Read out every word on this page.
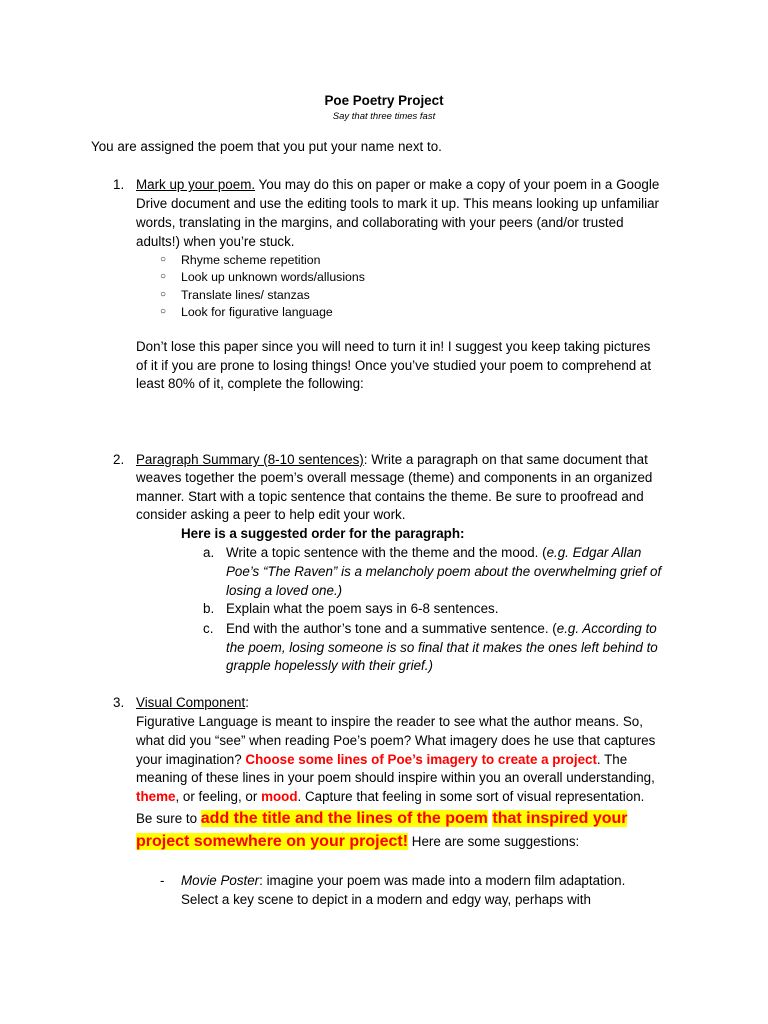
Poe Poetry Project
Say that three times fast
You are assigned the poem that you put your name next to.
1. Mark up your poem. You may do this on paper or make a copy of your poem in a Google
Drive document and use the editing tools to mark it up. This means looking up unfamiliar
words, translating in the margins, and collaborating with your peers (and/or trusted
adults!) when you’re stuck.
○ Rhyme scheme repetition
○ Look up unknown words/allusions
○ Translate lines/ stanzas
○ Look for figurative language
Don’t lose this paper since you will need to turn it in! I suggest you keep taking pictures
of it if you are prone to losing things! Once you’ve studied your poem to comprehend at
least 80% of it, complete the following:
2. Paragraph Summary (8-10 sentences): Write a paragraph on that same document that
weaves together the poem’s overall message (theme) and components in an organized
manner. Start with a topic sentence that contains the theme. Be sure to proofread and
consider asking a peer to help edit your work.
Here is a suggested order for the paragraph:
a. Write a topic sentence with the theme and the mood. (e.g. Edgar Allan
Poe’s “The Raven” is a melancholy poem about the overwhelming grief of
losing a loved one.)
b. Explain what the poem says in 6-8 sentences.
c. End with the author’s tone and a summative sentence. (e.g. According to
the poem, losing someone is so final that it makes the ones left behind to
grapple hopelessly with their grief.)
3. Visual Component:
Figurative Language is meant to inspire the reader to see what the author means. So,
what did you “see” when reading Poe’s poem? What imagery does he use that captures
your imagination? Choose some lines of Poe’s imagery to create a project. The
meaning of these lines in your poem should inspire within you an overall understanding,
theme, or feeling, or mood. Capture that feeling in some sort of visual representation.
Be sure to add the title and the lines of the poem that inspired your
project somewhere on your project! Here are some suggestions:
- Movie Poster: imagine your poem was made into a modern film adaptation.
Select a key scene to depict in a modern and edgy way, perhaps with
